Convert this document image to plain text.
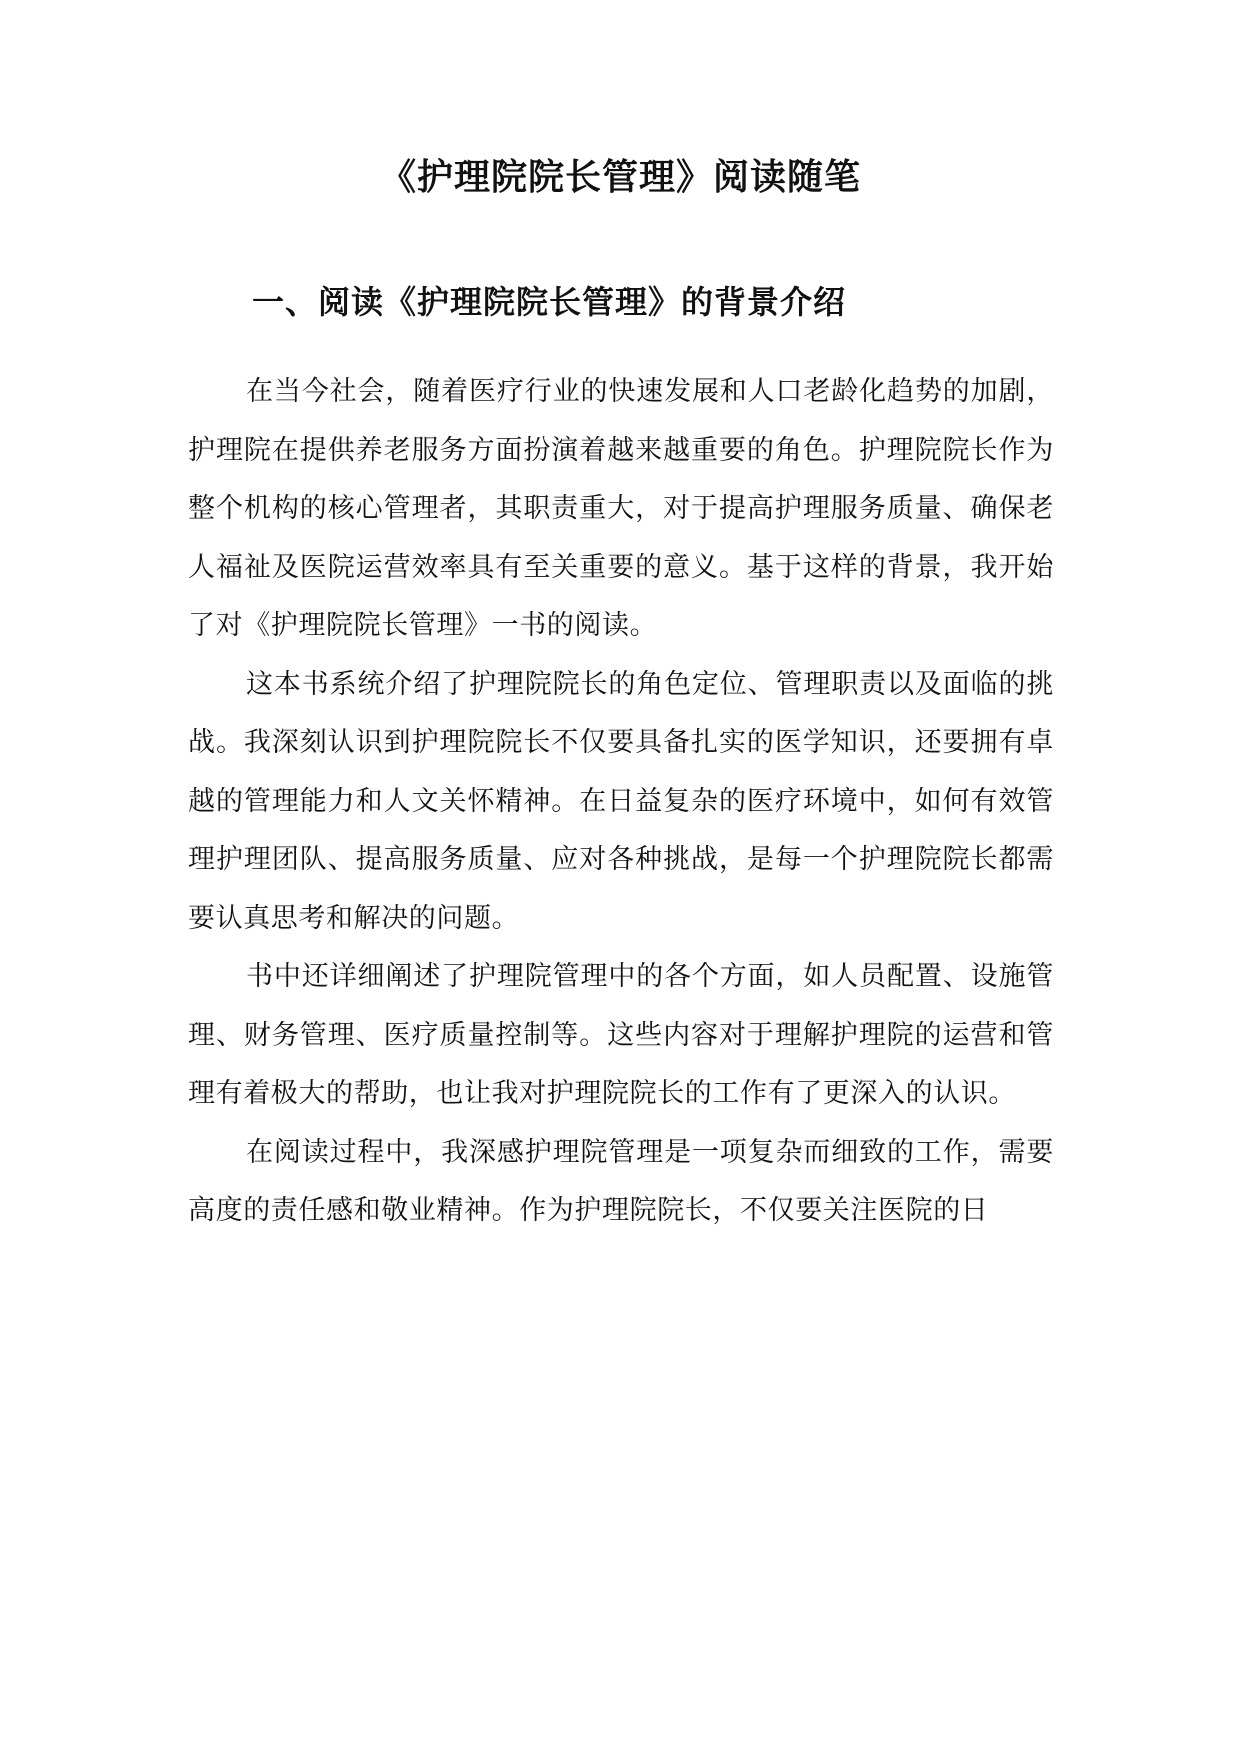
《护理院院长管理》阅读随笔
一、阅读《护理院院长管理》的背景介绍

在当今社会，随着医疗行业的快速发展和人口老龄化趋势的加剧，护理院在提供养老服务方面扮演着越来越重要的角色。护理院院长作为整个机构的核心管理者，其职责重大，对于提高护理服务质量、确保老人福祉及医院运营效率具有至关重要的意义。基于这样的背景，我开始了对《护理院院长管理》一书的阅读。

这本书系统介绍了护理院院长的角色定位、管理职责以及面临的挑战。我深刻认识到护理院院长不仅要具备扎实的医学知识，还要拥有卓越的管理能力和人文关怀精神。在日益复杂的医疗环境中，如何有效管理护理团队、提高服务质量、应对各种挑战，是每一个护理院院长都需要认真思考和解决的问题。

书中还详细阐述了护理院管理中的各个方面，如人员配置、设施管理、财务管理、医疗质量控制等。这些内容对于理解护理院的运营和管理有着极大的帮助，也让我对护理院院长的工作有了更深入的认识。

在阅读过程中，我深感护理院管理是一项复杂而细致的工作，需要高度的责任感和敬业精神。作为护理院院长，不仅要关注医院的日
